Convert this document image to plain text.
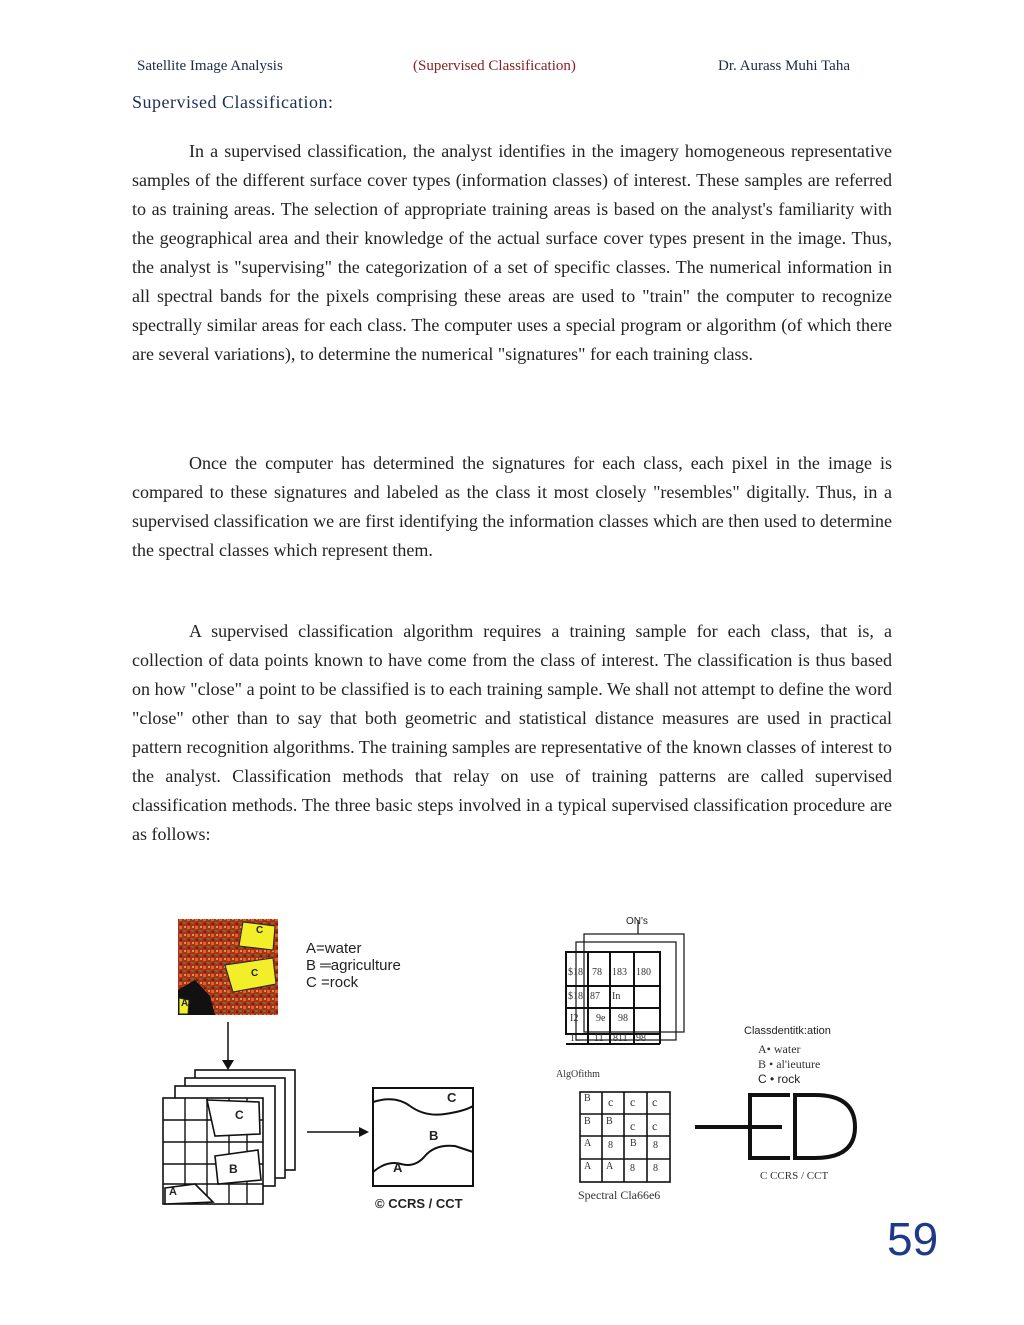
Satellite Image Analysis	(Supervised Classification)	Dr. Aurass Muhi Taha
Supervised Classification:

In a supervised classification, the analyst identifies in the imagery homogeneous representative samples of the different surface cover types (information classes) of interest. These samples are referred to as training areas. The selection of appropriate training areas is based on the analyst's familiarity with the geographical area and their knowledge of the actual surface cover types present in the image. Thus, the analyst is "supervising" the categorization of a set of specific classes. The numerical information in all spectral bands for the pixels comprising these areas are used to "train" the computer to recognize spectrally similar areas for each class. The computer uses a special program or algorithm (of which there are several variations), to determine the numerical "signatures" for each training class.

Once the computer has determined the signatures for each class, each pixel in the image is compared to these signatures and labeled as the class it most closely "resembles" digitally. Thus, in a supervised classification we are first identifying the information classes which are then used to determine the spectral classes which represent them.

A supervised classification algorithm requires a training sample for each class, that is, a collection of data points known to have come from the class of interest. The classification is thus based on how "close" a point to be classified is to each training sample. We shall not attempt to define the word "close" other than to say that both geometric and statistical distance measures are used in practical pattern recognition algorithms. The training samples are representative of the known classes of interest to the analyst. Classification methods that relay on use of training patterns are called supervised classification methods. The three basic steps involved in a typical supervised classification procedure are as follows:

A=water
B ═agriculture
C =rock
C
C
A
C
B
A
C
B
A
© CCRS / CCT
ON's
$18 78 183 180
$18 87 In
I2 9e 98
1.. 11 811 98
AlgOfithm
B c c c
B B c c
A 8 B 8
A A 8 8
Spectral Cla66e6
Classdentitk:ation
A• water
B • al'ieuture
C • rock
C CCRS / CCT
59
